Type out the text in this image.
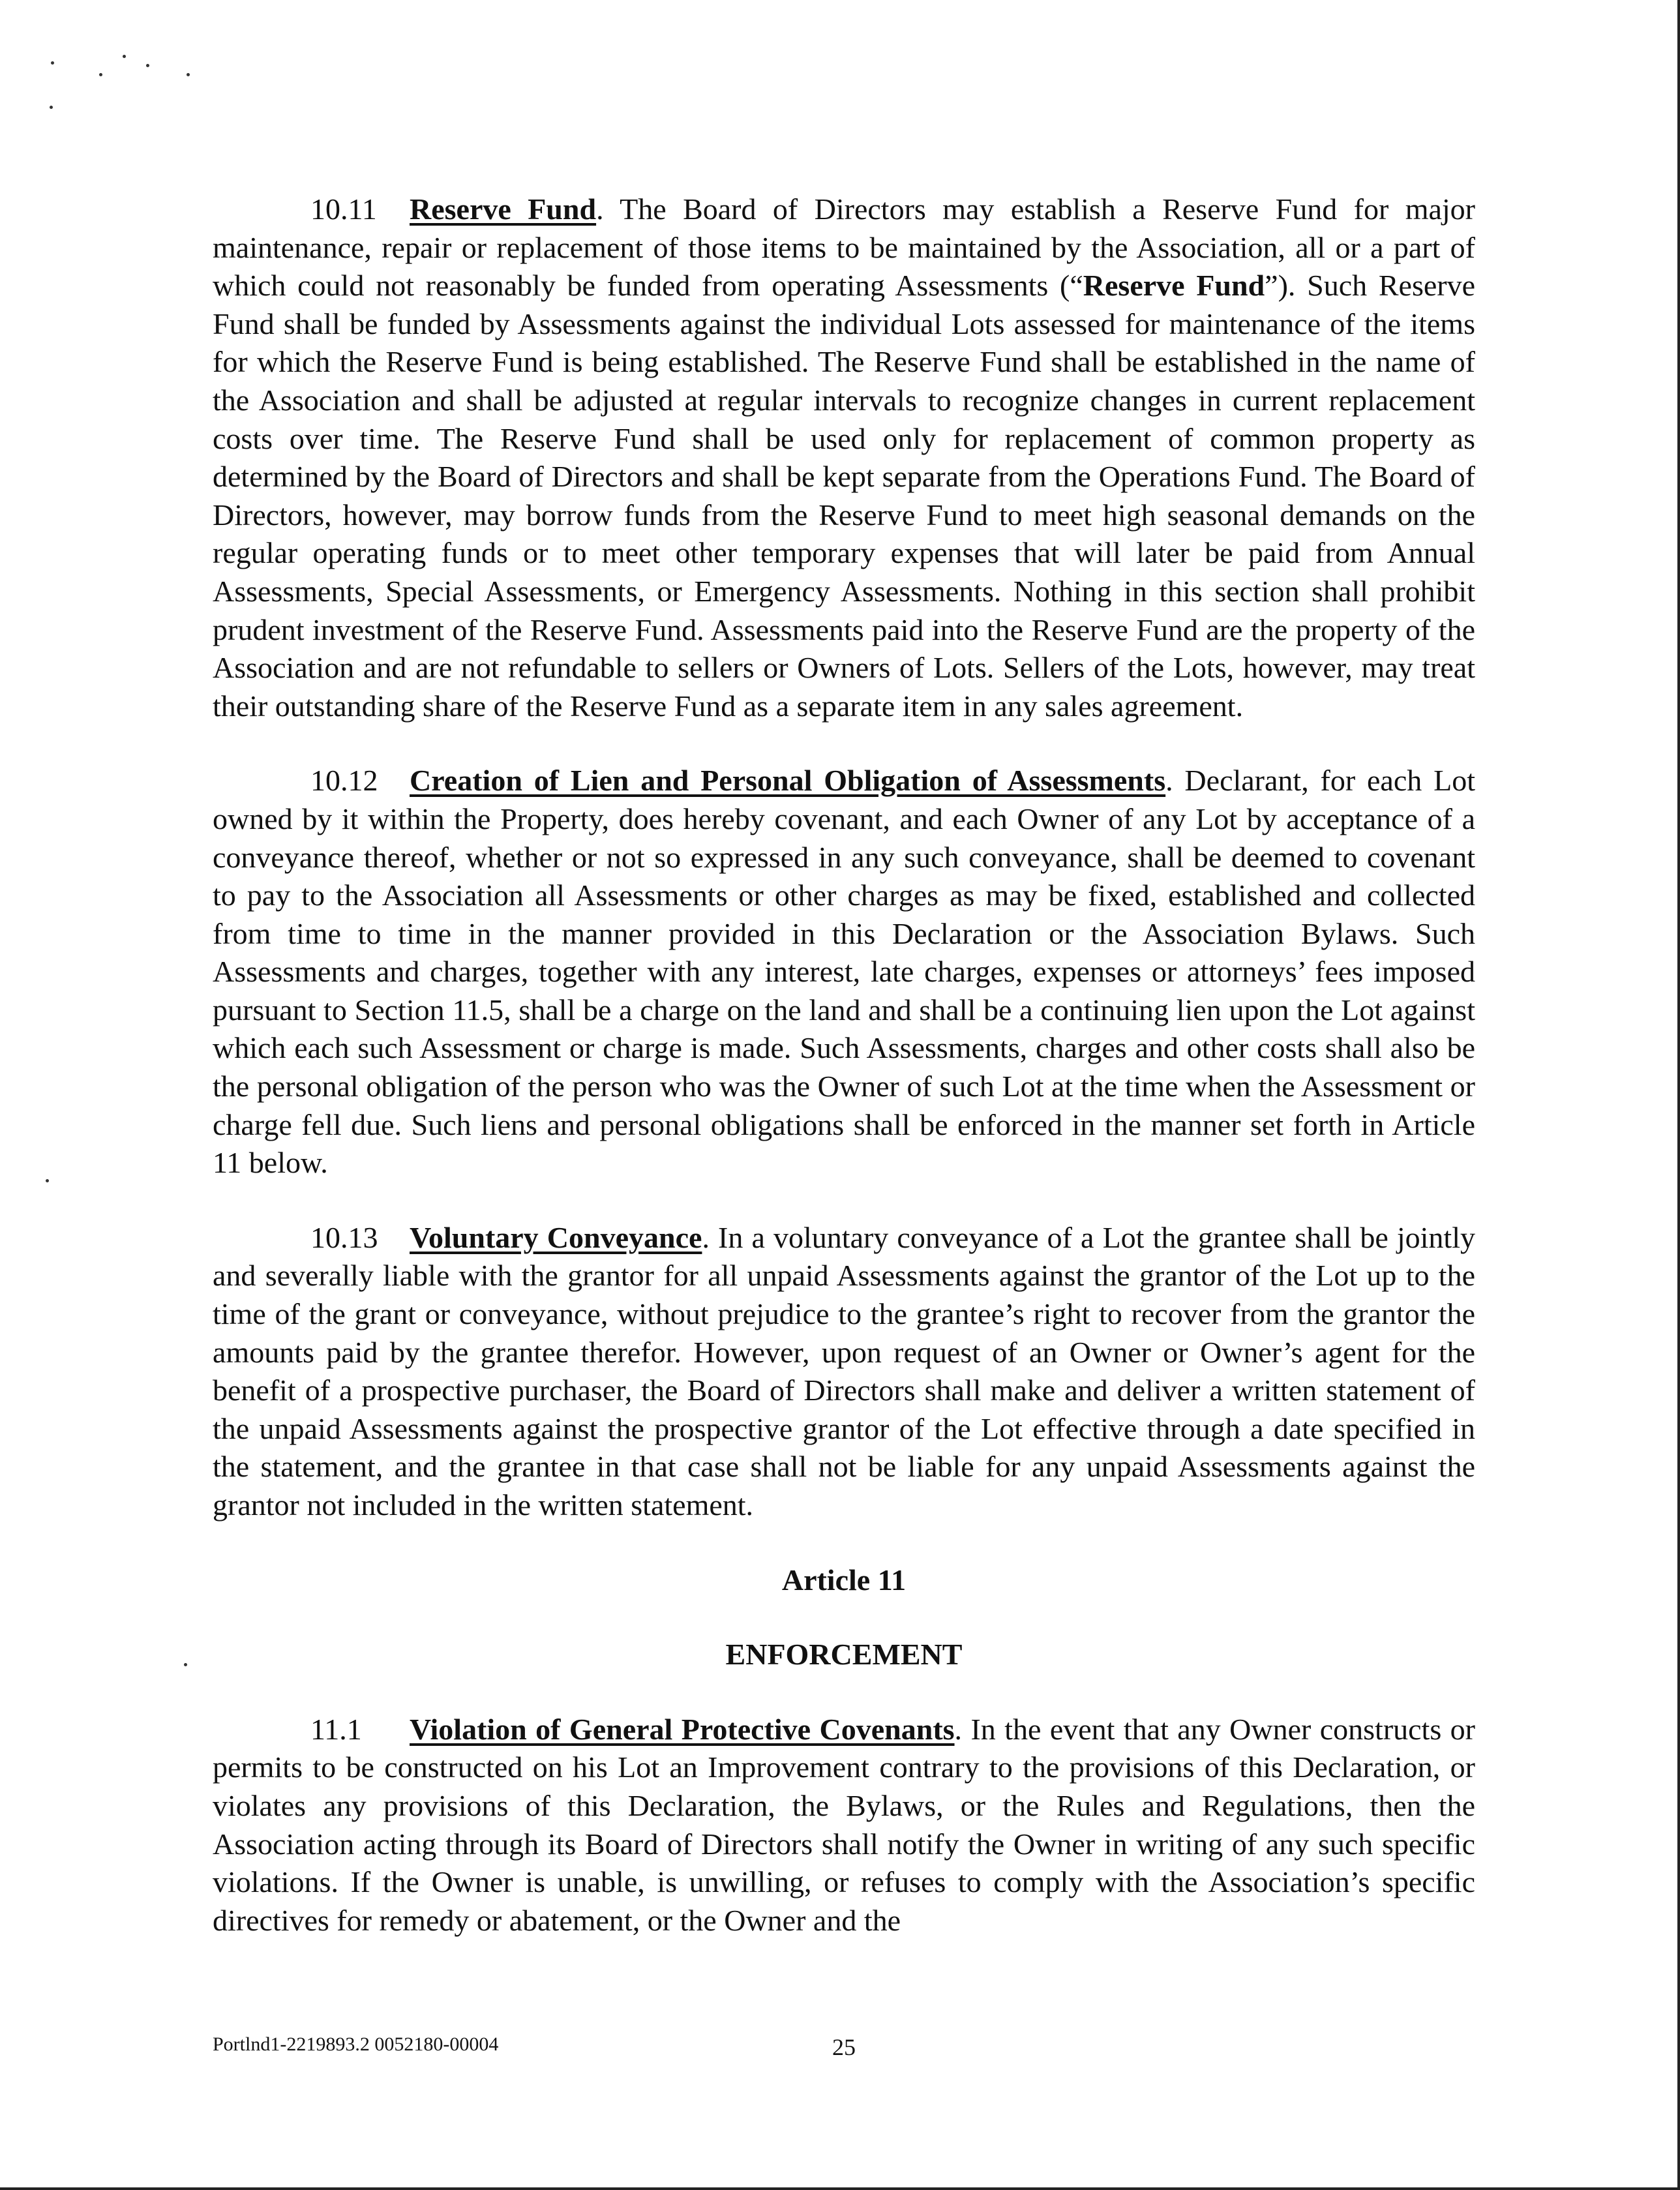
10.11 Reserve Fund. The Board of Directors may establish a Reserve Fund for major maintenance, repair or replacement of those items to be maintained by the Association, all or a part of which could not reasonably be funded from operating Assessments (“Reserve Fund”). Such Reserve Fund shall be funded by Assessments against the individual Lots assessed for maintenance of the items for which the Reserve Fund is being established. The Reserve Fund shall be established in the name of the Association and shall be adjusted at regular intervals to recognize changes in current replacement costs over time. The Reserve Fund shall be used only for replacement of common property as determined by the Board of Directors and shall be kept separate from the Operations Fund. The Board of Directors, however, may borrow funds from the Reserve Fund to meet high seasonal demands on the regular operating funds or to meet other temporary expenses that will later be paid from Annual Assessments, Special Assessments, or Emergency Assessments. Nothing in this section shall prohibit prudent investment of the Reserve Fund. Assessments paid into the Reserve Fund are the property of the Association and are not refundable to sellers or Owners of Lots. Sellers of the Lots, however, may treat their outstanding share of the Reserve Fund as a separate item in any sales agreement.

10.12 Creation of Lien and Personal Obligation of Assessments. Declarant, for each Lot owned by it within the Property, does hereby covenant, and each Owner of any Lot by acceptance of a conveyance thereof, whether or not so expressed in any such conveyance, shall be deemed to covenant to pay to the Association all Assessments or other charges as may be fixed, established and collected from time to time in the manner provided in this Declaration or the Association Bylaws. Such Assessments and charges, together with any interest, late charges, expenses or attorneys’ fees imposed pursuant to Section 11.5, shall be a charge on the land and shall be a continuing lien upon the Lot against which each such Assessment or charge is made. Such Assessments, charges and other costs shall also be the personal obligation of the person who was the Owner of such Lot at the time when the Assessment or charge fell due. Such liens and personal obligations shall be enforced in the manner set forth in Article 11 below.

10.13 Voluntary Conveyance. In a voluntary conveyance of a Lot the grantee shall be jointly and severally liable with the grantor for all unpaid Assessments against the grantor of the Lot up to the time of the grant or conveyance, without prejudice to the grantee’s right to recover from the grantor the amounts paid by the grantee therefor. However, upon request of an Owner or Owner’s agent for the benefit of a prospective purchaser, the Board of Directors shall make and deliver a written statement of the unpaid Assessments against the prospective grantor of the Lot effective through a date specified in the statement, and the grantee in that case shall not be liable for any unpaid Assessments against the grantor not included in the written statement.

Article 11
ENFORCEMENT

11.1 Violation of General Protective Covenants. In the event that any Owner constructs or permits to be constructed on his Lot an Improvement contrary to the provisions of this Declaration, or violates any provisions of this Declaration, the Bylaws, or the Rules and Regulations, then the Association acting through its Board of Directors shall notify the Owner in writing of any such specific violations. If the Owner is unable, is unwilling, or refuses to comply with the Association’s specific directives for remedy or abatement, or the Owner and the

Portlnd1-2219893.2 0052180-00004	25
